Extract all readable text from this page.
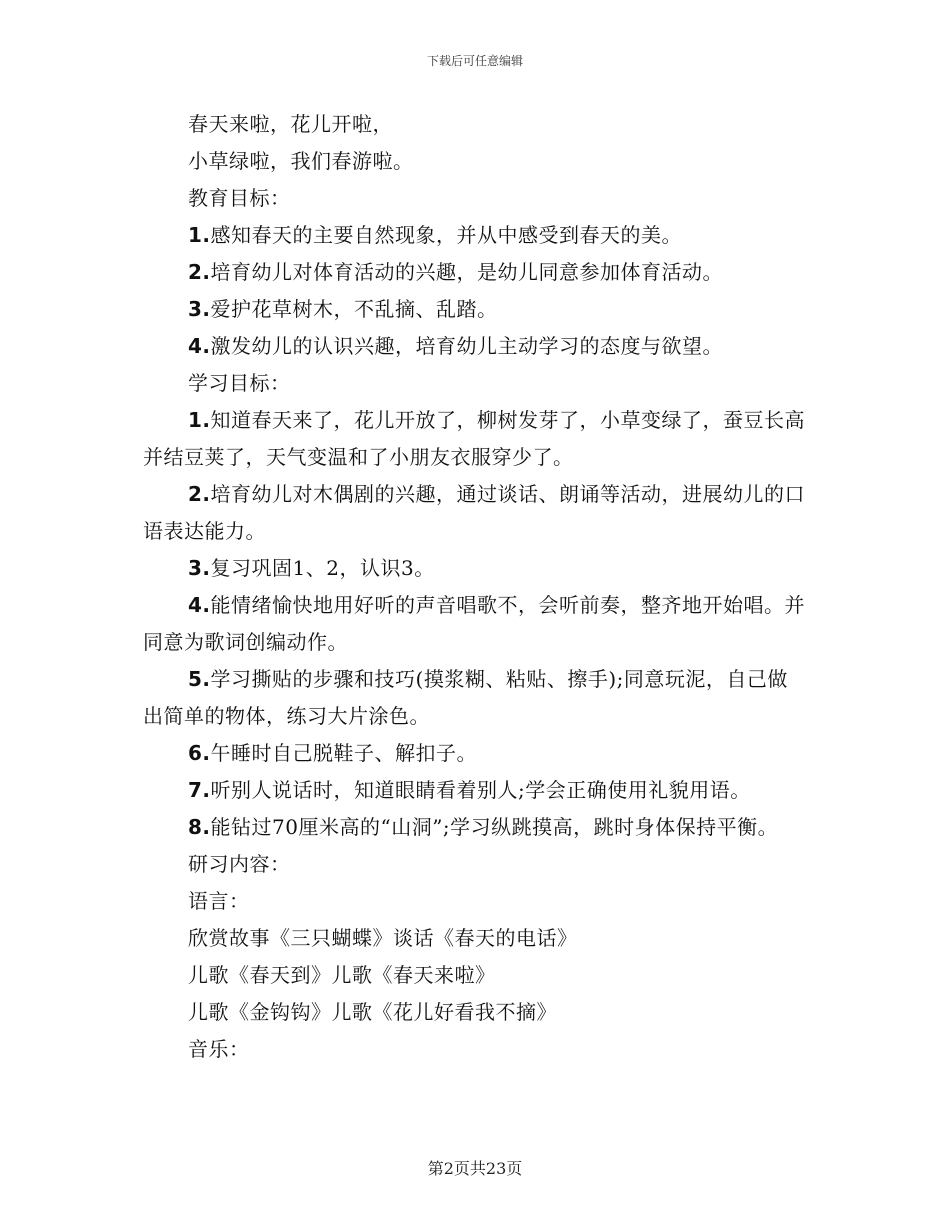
下载后可任意编辑

春天来啦，花儿开啦，

小草绿啦，我们春游啦。

教育目标：

1.感知春天的主要自然现象，并从中感受到春天的美。

2.培育幼儿对体育活动的兴趣，是幼儿同意参加体育活动。

3.爱护花草树木，不乱摘、乱踏。

4.激发幼儿的认识兴趣，培育幼儿主动学习的态度与欲望。

学习目标：

1.知道春天来了，花儿开放了，柳树发芽了，小草变绿了，蚕豆长高并结豆荚了，天气变温和了小朋友衣服穿少了。

2.培育幼儿对木偶剧的兴趣，通过谈话、朗诵等活动，进展幼儿的口语表达能力。

3.复习巩固1、2，认识3。

4.能情绪愉快地用好听的声音唱歌不，会听前奏，整齐地开始唱。并同意为歌词创编动作。

5.学习撕贴的步骤和技巧(摸浆糊、粘贴、擦手);同意玩泥，自己做出简单的物体，练习大片涂色。

6.午睡时自己脱鞋子、解扣子。

7.听别人说话时，知道眼睛看着别人;学会正确使用礼貌用语。

8.能钻过70厘米高的“山洞”;学习纵跳摸高，跳时身体保持平衡。

研习内容：

语言：

欣赏故事《三只蝴蝶》谈话《春天的电话》

儿歌《春天到》儿歌《春天来啦》

儿歌《金钩钩》儿歌《花儿好看我不摘》

音乐：

第2页共23页
